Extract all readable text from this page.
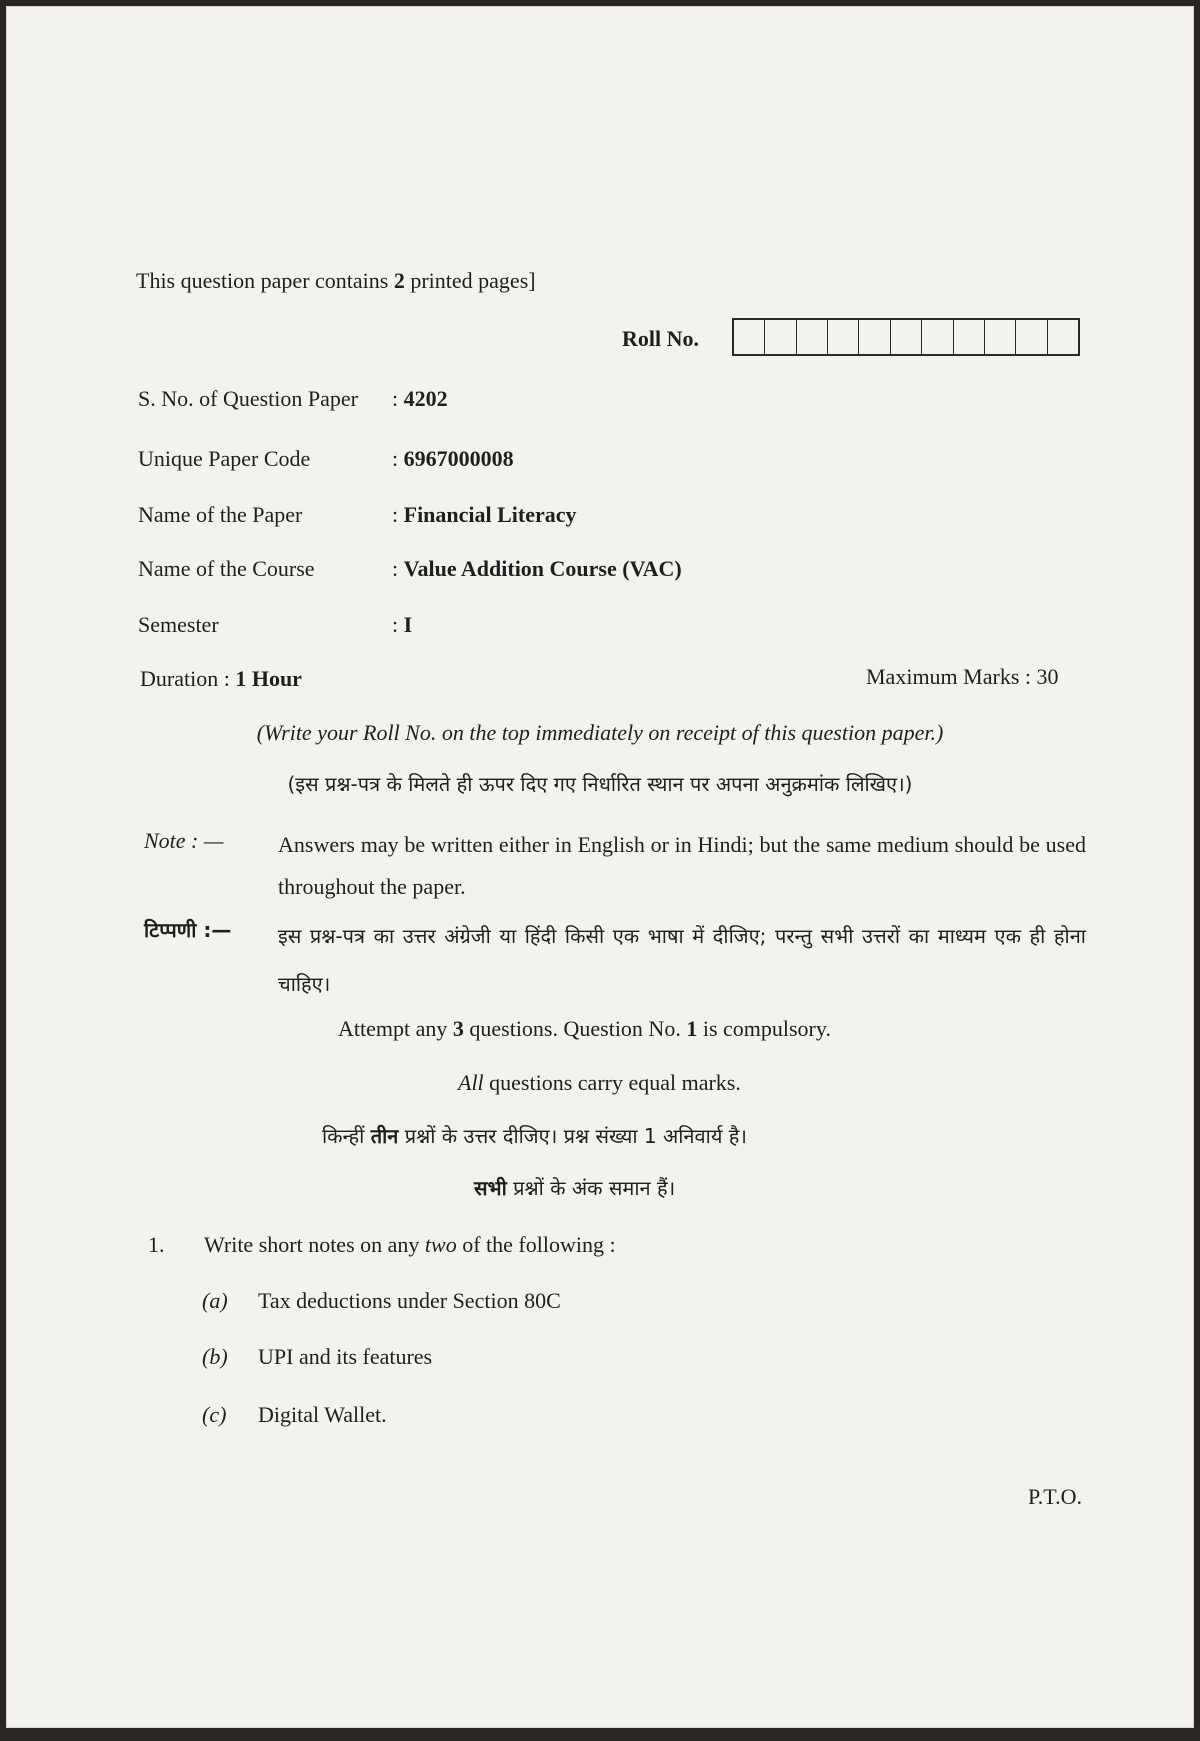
This question paper contains 2 printed pages]
Roll No.
S. No. of Question Paper : 4202
Unique Paper Code	: 6967000008
Name of the Paper	: Financial Literacy
Name of the Course	: Value Addition Course (VAC)
Semester	: I
Duration : 1 Hour	Maximum Marks : 30
(Write your Roll No. on the top immediately on receipt of this question paper.)
(इस प्रश्न-पत्र के मिलते ही ऊपर दिए गए निर्धारित स्थान पर अपना अनुक्रमांक लिखिए।)
Note : — Answers may be written either in English or in Hindi; but the same medium should be used throughout the paper.
टिप्पणी :— इस प्रश्न-पत्र का उत्तर अंग्रेजी या हिंदी किसी एक भाषा में दीजिए; परन्तु सभी उत्तरों का माध्यम एक ही होना चाहिए।
Attempt any 3 questions. Question No. 1 is compulsory.
All questions carry equal marks.
किन्हीं तीन प्रश्नों के उत्तर दीजिए। प्रश्न संख्या 1 अनिवार्य है।
सभी प्रश्नों के अंक समान हैं।
1. Write short notes on any two of the following :
(a) Tax deductions under Section 80C
(b) UPI and its features
(c) Digital Wallet.
P.T.O.
